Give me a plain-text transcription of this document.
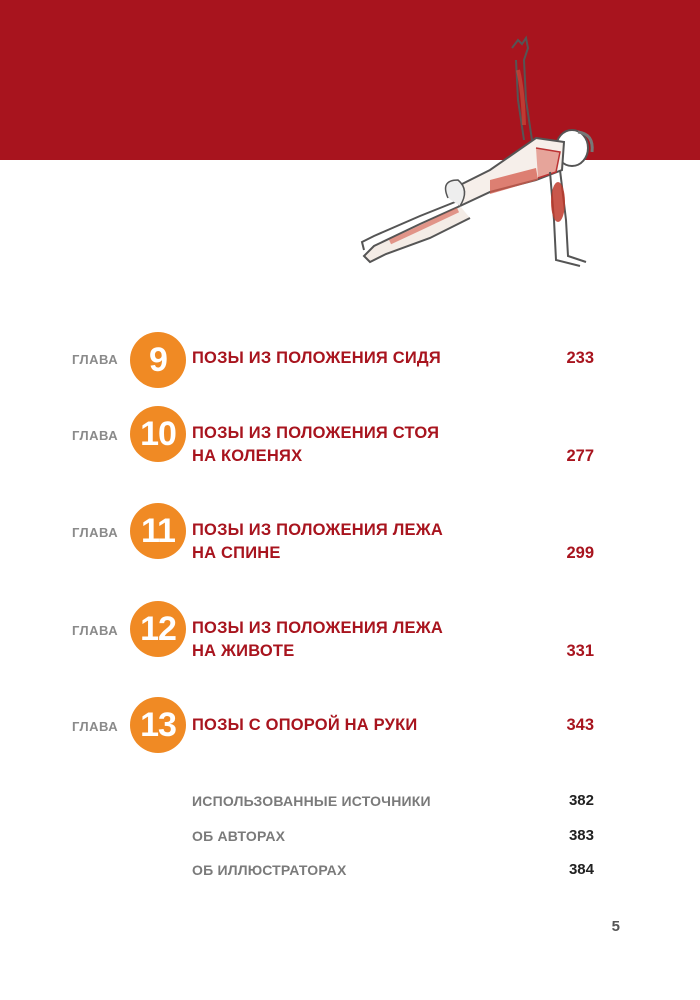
ГЛАВА 9	ПОЗЫ ИЗ ПОЛОЖЕНИЯ СИДЯ	233
ГЛАВА 10 ПОЗЫ ИЗ ПОЛОЖЕНИЯ СТОЯ
НА КОЛЕНЯХ	277
ГЛАВА 11	ПОЗЫ ИЗ ПОЛОЖЕНИЯ ЛЕЖА
НА СПИНЕ	299
ГЛАВА 12 ПОЗЫ ИЗ ПОЛОЖЕНИЯ ЛЕЖА
НА ЖИВОТЕ	331
ГЛАВА 13 ПОЗЫ С ОПОРОЙ НА РУКИ	343
ИСПОЛЬЗОВАННЫЕ ИСТОЧНИКИ	382
ОБ АВТОРАХ	383
ОБ ИЛЛЮСТРАТОРАХ	384
5
